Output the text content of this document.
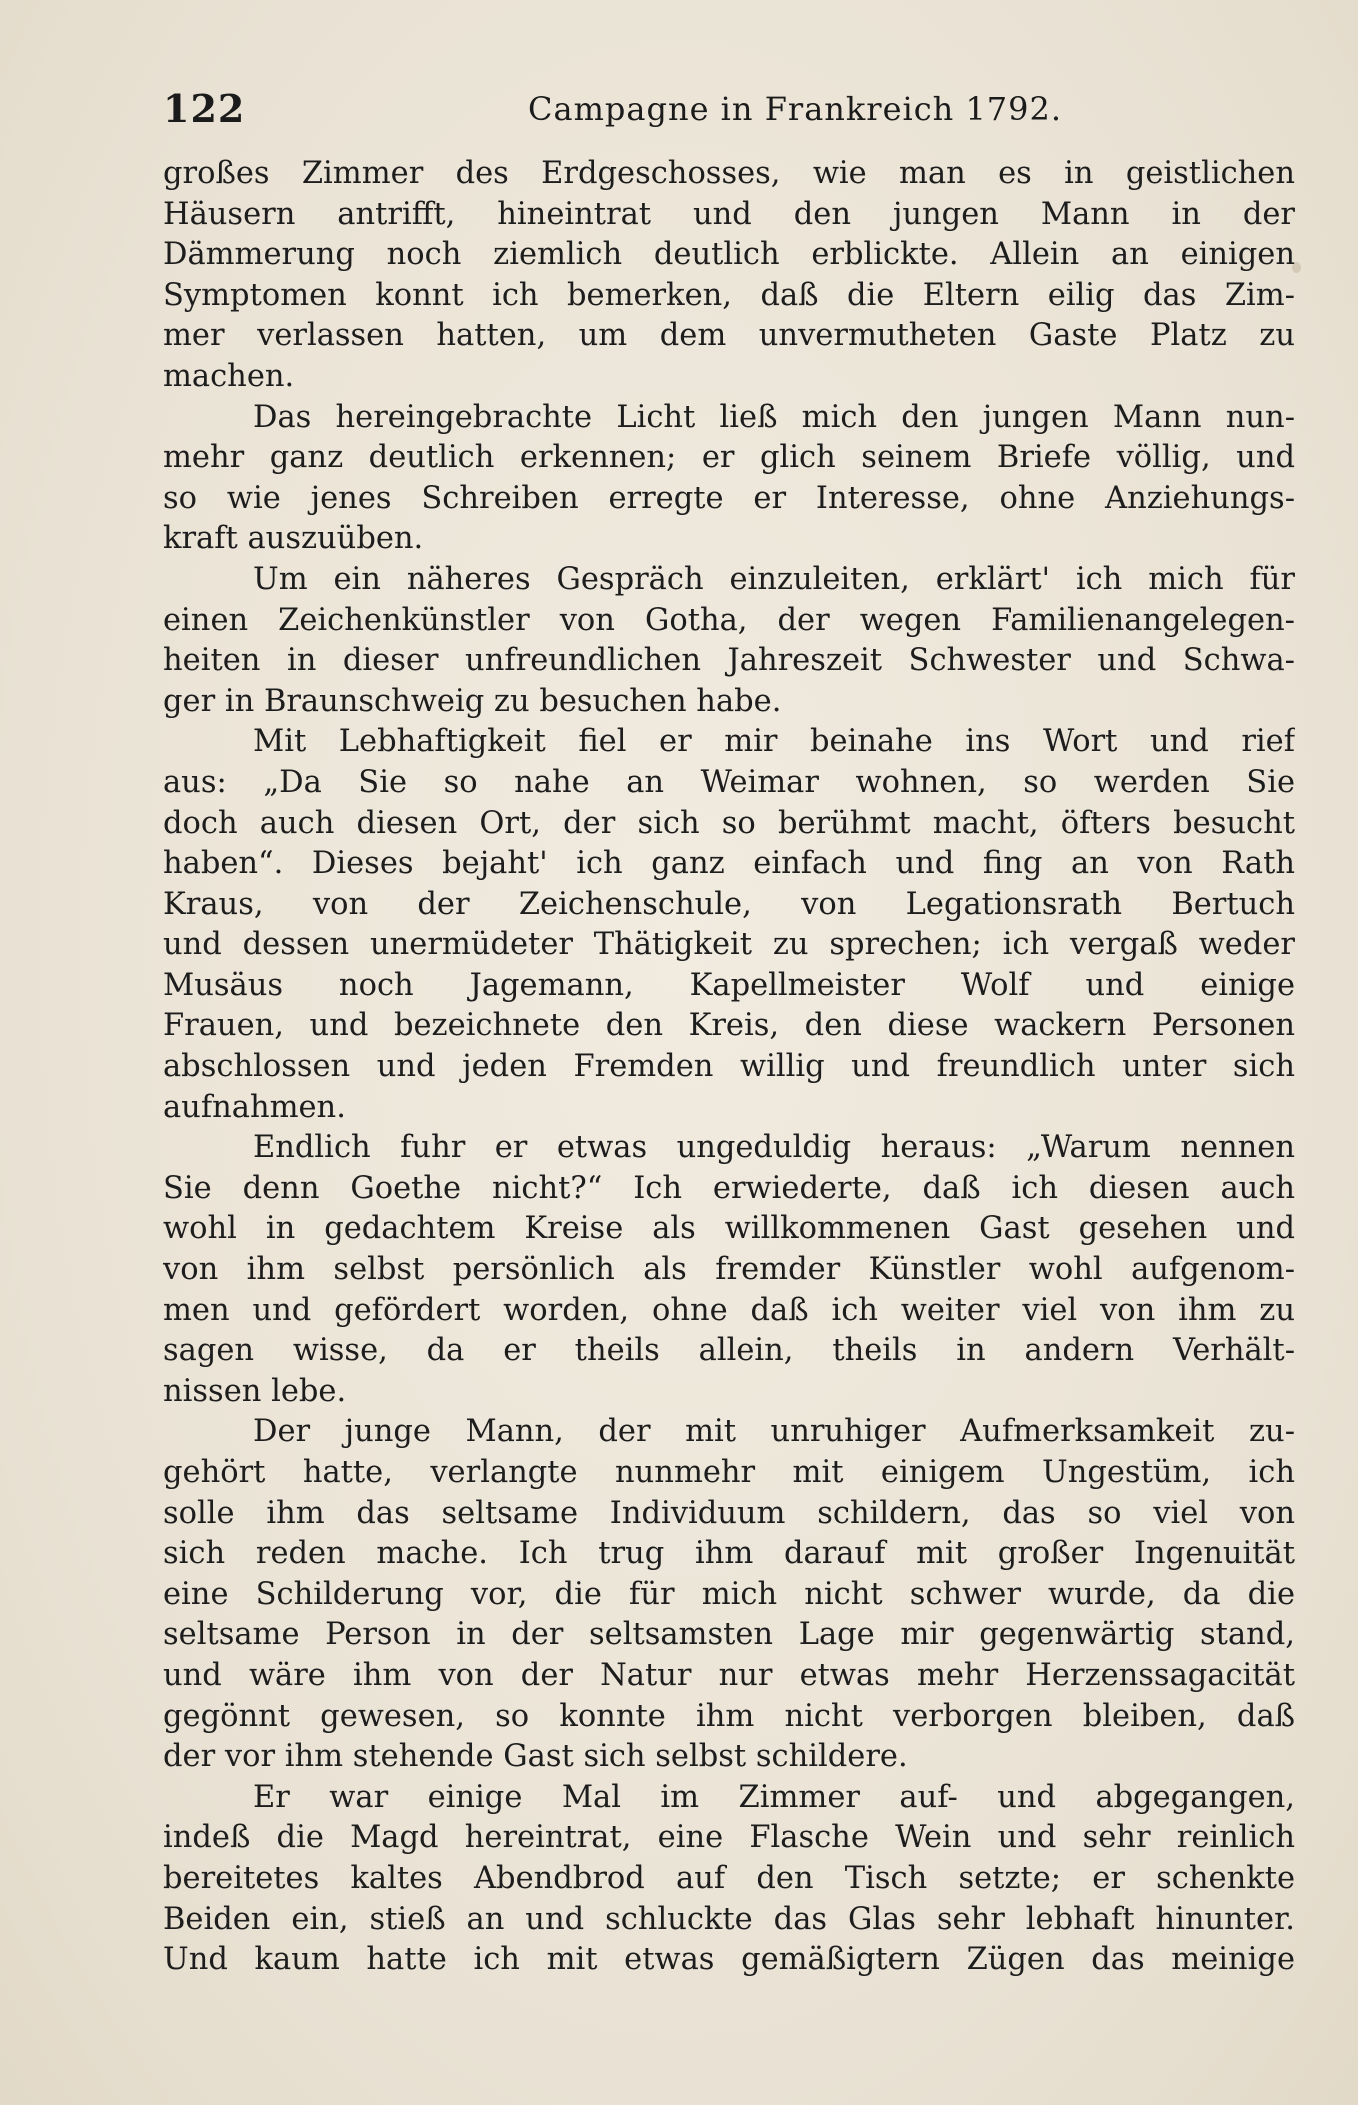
122	Campagne in Frankreich 1792.
großes Zimmer des Erdgeschosses, wie man es in geistlichen
Häusern antrifft, hineintrat und den jungen Mann in der
Dämmerung noch ziemlich deutlich erblickte. Allein an einigen
Symptomen konnt ich bemerken, daß die Eltern eilig das Zim-
mer verlassen hatten, um dem unvermutheten Gaste Platz zu
machen.
Das hereingebrachte Licht ließ mich den jungen Mann nun-
mehr ganz deutlich erkennen; er glich seinem Briefe völlig, und
so wie jenes Schreiben erregte er Interesse, ohne Anziehungs-
kraft auszuüben.
Um ein näheres Gespräch einzuleiten, erklärt' ich mich für
einen Zeichenkünstler von Gotha, der wegen Familienangelegen-
heiten in dieser unfreundlichen Jahreszeit Schwester und Schwa-
ger in Braunschweig zu besuchen habe.
Mit Lebhaftigkeit fiel er mir beinahe ins Wort und rief
aus: „Da Sie so nahe an Weimar wohnen, so werden Sie
doch auch diesen Ort, der sich so berühmt macht, öfters besucht
haben“. Dieses bejaht' ich ganz einfach und fing an von Rath
Kraus, von der Zeichenschule, von Legationsrath Bertuch
und dessen unermüdeter Thätigkeit zu sprechen; ich vergaß weder
Musäus noch Jagemann, Kapellmeister Wolf und einige
Frauen, und bezeichnete den Kreis, den diese wackern Personen
abschlossen und jeden Fremden willig und freundlich unter sich
aufnahmen.
Endlich fuhr er etwas ungeduldig heraus: „Warum nennen
Sie denn Goethe nicht?“ Ich erwiederte, daß ich diesen auch
wohl in gedachtem Kreise als willkommenen Gast gesehen und
von ihm selbst persönlich als fremder Künstler wohl aufgenom-
men und gefördert worden, ohne daß ich weiter viel von ihm zu
sagen wisse, da er theils allein, theils in andern Verhält-
nissen lebe.
Der junge Mann, der mit unruhiger Aufmerksamkeit zu-
gehört hatte, verlangte nunmehr mit einigem Ungestüm, ich
solle ihm das seltsame Individuum schildern, das so viel von
sich reden mache. Ich trug ihm darauf mit großer Ingenuität
eine Schilderung vor, die für mich nicht schwer wurde, da die
seltsame Person in der seltsamsten Lage mir gegenwärtig stand,
und wäre ihm von der Natur nur etwas mehr Herzenssagacität
gegönnt gewesen, so konnte ihm nicht verborgen bleiben, daß
der vor ihm stehende Gast sich selbst schildere.
Er war einige Mal im Zimmer auf- und abgegangen,
indeß die Magd hereintrat, eine Flasche Wein und sehr reinlich
bereitetes kaltes Abendbrod auf den Tisch setzte; er schenkte
Beiden ein, stieß an und schluckte das Glas sehr lebhaft hinunter.
Und kaum hatte ich mit etwas gemäßigtern Zügen das meinige
